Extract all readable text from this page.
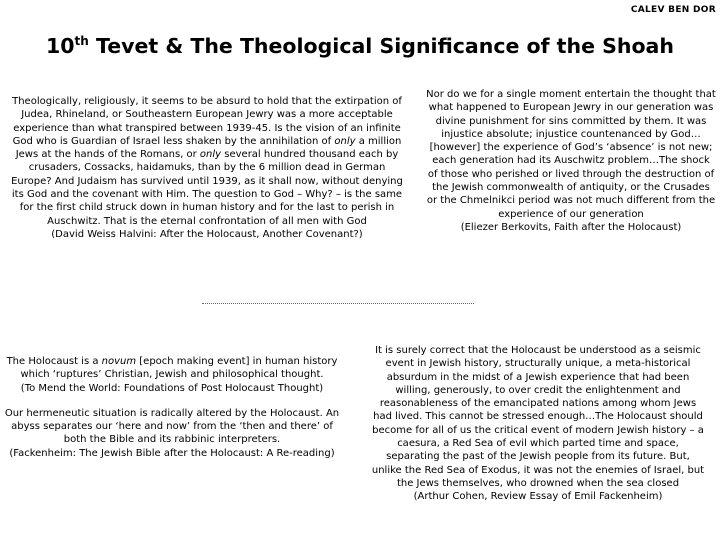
CALEV BEN DOR
10th Tevet & The Theological Significance of the Shoah

Theologically, religiously, it seems to be absurd to hold that the extirpation of Judea, Rhineland, or Southeastern European Jewry was a more acceptable experience than what transpired between 1939-45. Is the vision of an infinite God who is Guardian of Israel less shaken by the annihilation of only a million Jews at the hands of the Romans, or only several hundred thousand each by crusaders, Cossacks, haidamuks, than by the 6 million dead in German Europe? And Judaism has survived until 1939, as it shall now, without denying its God and the covenant with Him. The question to God – Why? – is the same for the first child struck down in human history and for the last to perish in Auschwitz. That is the eternal confrontation of all men with God
(David Weiss Halvini: After the Holocaust, Another Covenant?)

Nor do we for a single moment entertain the thought that what happened to European Jewry in our generation was divine punishment for sins committed by them. It was injustice absolute; injustice countenanced by God…[however] the experience of God’s ‘absence’ is not new; each generation had its Auschwitz problem…The shock of those who perished or lived through the destruction of the Jewish commonwealth of antiquity, or the Crusades or the Chmelnikci period was not much different from the experience of our generation
(Eliezer Berkovits, Faith after the Holocaust)

The Holocaust is a novum [epoch making event] in human history which ‘ruptures’ Christian, Jewish and philosophical thought.
(To Mend the World: Foundations of Post Holocaust Thought)

Our hermeneutic situation is radically altered by the Holocaust. An abyss separates our ‘here and now’ from the ‘then and there’ of both the Bible and its rabbinic interpreters.
(Fackenheim: The Jewish Bible after the Holocaust: A Re-reading)

It is surely correct that the Holocaust be understood as a seismic event in Jewish history, structurally unique, a meta-historical absurdum in the midst of a Jewish experience that had been willing, generously, to over credit the enlightenment and reasonableness of the emancipated nations among whom Jews had lived. This cannot be stressed enough…The Holocaust should become for all of us the critical event of modern Jewish history – a caesura, a Red Sea of evil which parted time and space, separating the past of the Jewish people from its future. But, unlike the Red Sea of Exodus, it was not the enemies of Israel, but the Jews themselves, who drowned when the sea closed
(Arthur Cohen, Review Essay of Emil Fackenheim)
